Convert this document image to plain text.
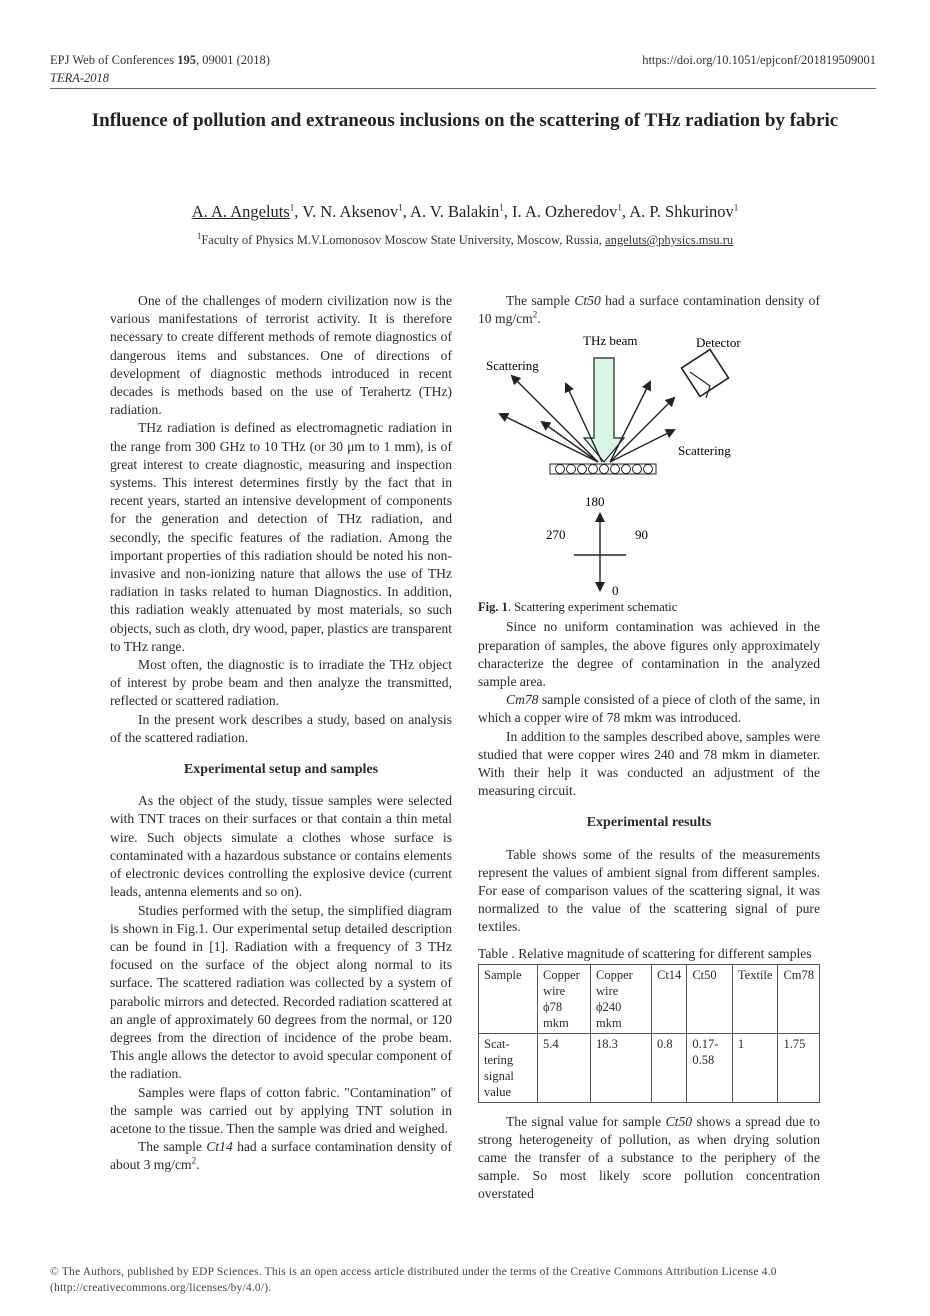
EPJ Web of Conferences 195, 09001 (2018)
TERA-2018
https://doi.org/10.1051/epjconf/201819509001
Influence of pollution and extraneous inclusions on the scattering of THz radiation by fabric
A. A. Angeluts$^1$, V. N. Aksenov$^1$, A. V. Balakin$^1$, I. A. Ozheredov$^1$, A. P. Shkurinov$^1$
$^1$Faculty of Physics M.V.Lomonosov Moscow State University, Moscow, Russia, angeluts@physics.msu.ru

One of the challenges of modern civilization now is the various manifestations of terrorist activity. It is therefore necessary to create different methods of remote diagnostics of dangerous items and substances. One of directions of development of diagnostic methods introduced in recent decades is methods based on the use of Terahertz (THz) radiation.

THz radiation is defined as electromagnetic radiation in the range from 300 GHz to 10 THz (or 30 μm to 1 mm), is of great interest to create diagnostic, measuring and inspection systems. This interest determines firstly by the fact that in recent years, started an intensive development of components for the generation and detection of THz radiation, and secondly, the specific features of the radiation. Among the important properties of this radiation should be noted his non-invasive and non-ionizing nature that allows the use of THz radiation in tasks related to human Diagnostics. In addition, this radiation weakly attenuated by most materials, so such objects, such as cloth, dry wood, paper, plastics are transparent to THz range.

Most often, the diagnostic is to irradiate the THz object of interest by probe beam and then analyze the transmitted, reflected or scattered radiation.

In the present work describes a study, based on analysis of the scattered radiation.

Experimental setup and samples

As the object of the study, tissue samples were selected with TNT traces on their surfaces or that contain a thin metal wire. Such objects simulate a clothes whose surface is contaminated with a hazardous substance or contains elements of electronic devices controlling the explosive device (current leads, antenna elements and so on).

Studies performed with the setup, the simplified diagram is shown in Fig.1. Our experimental setup detailed description can be found in [1]. Radiation with a frequency of 3 THz focused on the surface of the object along normal to its surface. The scattered radiation was collected by a system of parabolic mirrors and detected. Recorded radiation scattered at an angle of approximately 60 degrees from the normal, or 120 degrees from the direction of incidence of the probe beam. This angle allows the detector to avoid specular component of the radiation.

Samples were flaps of cotton fabric. "Contamination" of the sample was carried out by applying TNT solution in acetone to the tissue. Then the sample was dried and weighed.

The sample Ct14 had a surface contamination density of about 3 $mg/cm^2$.

The sample Ct50 had a surface contamination density of 10 $mg/cm^2$.

Since no uniform contamination was achieved in the preparation of samples, the above figures only approximately characterize the degree of contamination in the analyzed sample area.

Cm78 sample consisted of a piece of cloth of the same, in which a copper wire of 78 mkm was introduced.

In addition to the samples described above, samples were studied that were copper wires 240 and 78 mkm in diameter. With their help it was conducted an adjustment of the measuring circuit.

Experimental results

Table shows some of the results of the measurements represent the values of ambient signal from different samples. For ease of comparison values of the scattering signal, it was normalized to the value of the scattering signal of pure textiles.

Table . Relative magnitude of scattering for different samples
Sample	Copper wire ϕ78 mkm	Copper wire ϕ240 mkm	Ct14	Ct50	Textile	Cm78
Scat-tering signal value	5.4	18.3	0.8	0.17-0.58	1	1.75

The signal value for sample Ct50 shows a spread due to strong heterogeneity of pollution, as when drying solution came the transfer of a substance to the periphery of the sample. So most likely score pollution concentration overstated

THz beam	Detector
Scattering
Scattering
180
270	90
0
Fig. 1. Scattering experiment schematic
© The Authors, published by EDP Sciences. This is an open access article distributed under the terms of the Creative Commons Attribution License 4.0
(http://creativecommons.org/licenses/by/4.0/).
